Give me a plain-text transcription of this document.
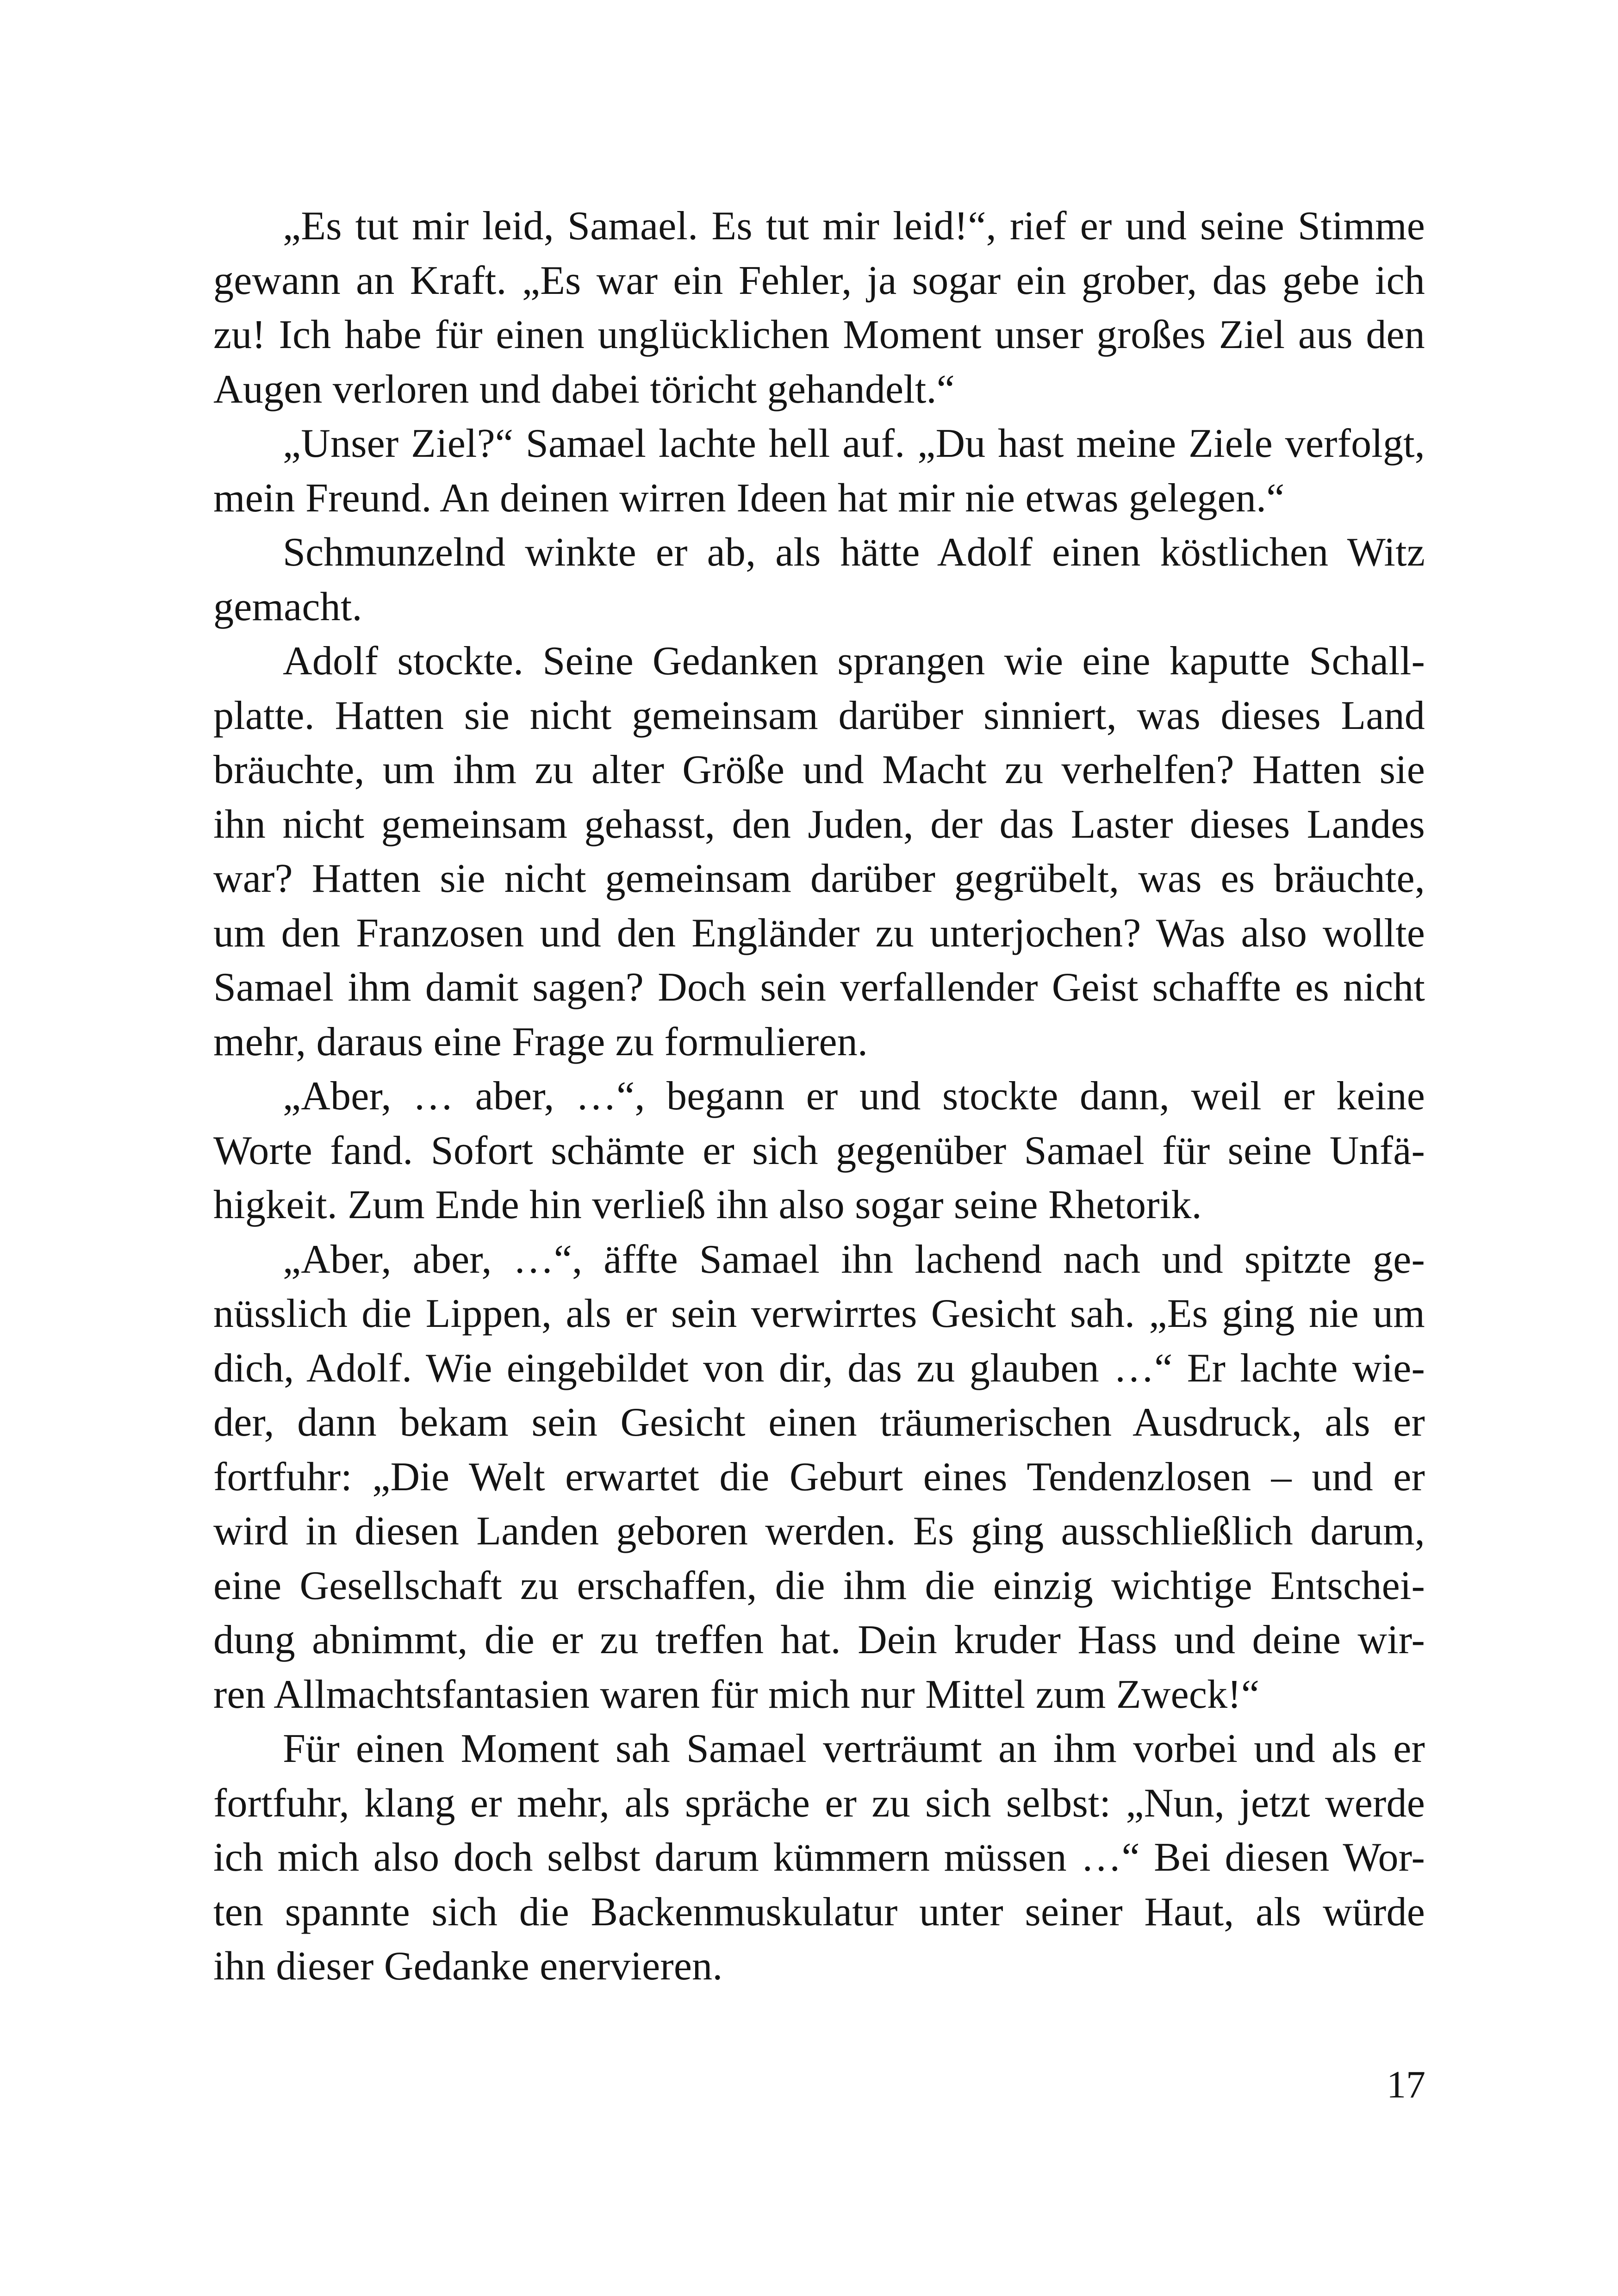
„Es tut mir leid, Samael. Es tut mir leid!“, rief er und seine Stimme
gewann an Kraft. „Es war ein Fehler, ja sogar ein grober, das gebe ich
zu! Ich habe für einen unglücklichen Moment unser großes Ziel aus den
Augen verloren und dabei töricht gehandelt.“
„Unser Ziel?“ Samael lachte hell auf. „Du hast meine Ziele verfolgt,
mein Freund. An deinen wirren Ideen hat mir nie etwas gelegen.“
Schmunzelnd winkte er ab, als hätte Adolf einen köstlichen Witz
gemacht.
Adolf stockte. Seine Gedanken sprangen wie eine kaputte Schall-
platte. Hatten sie nicht gemeinsam darüber sinniert, was dieses Land
bräuchte, um ihm zu alter Größe und Macht zu verhelfen? Hatten sie
ihn nicht gemeinsam gehasst, den Juden, der das Laster dieses Landes
war? Hatten sie nicht gemeinsam darüber gegrübelt, was es bräuchte,
um den Franzosen und den Engländer zu unterjochen? Was also wollte
Samael ihm damit sagen? Doch sein verfallender Geist schaffte es nicht
mehr, daraus eine Frage zu formulieren.
„Aber, … aber, …“, begann er und stockte dann, weil er keine
Worte fand. Sofort schämte er sich gegenüber Samael für seine Unfä-
higkeit. Zum Ende hin verließ ihn also sogar seine Rhetorik.
„Aber, aber, …“, äffte Samael ihn lachend nach und spitzte ge-
nüsslich die Lippen, als er sein verwirrtes Gesicht sah. „Es ging nie um
dich, Adolf. Wie eingebildet von dir, das zu glauben …“ Er lachte wie-
der, dann bekam sein Gesicht einen träumerischen Ausdruck, als er
fortfuhr: „Die Welt erwartet die Geburt eines Tendenzlosen – und er
wird in diesen Landen geboren werden. Es ging ausschließlich darum,
eine Gesellschaft zu erschaffen, die ihm die einzig wichtige Entschei-
dung abnimmt, die er zu treffen hat. Dein kruder Hass und deine wir-
ren Allmachtsfantasien waren für mich nur Mittel zum Zweck!“
Für einen Moment sah Samael verträumt an ihm vorbei und als er
fortfuhr, klang er mehr, als spräche er zu sich selbst: „Nun, jetzt werde
ich mich also doch selbst darum kümmern müssen …“ Bei diesen Wor-
ten spannte sich die Backenmuskulatur unter seiner Haut, als würde
ihn dieser Gedanke enervieren.
17
